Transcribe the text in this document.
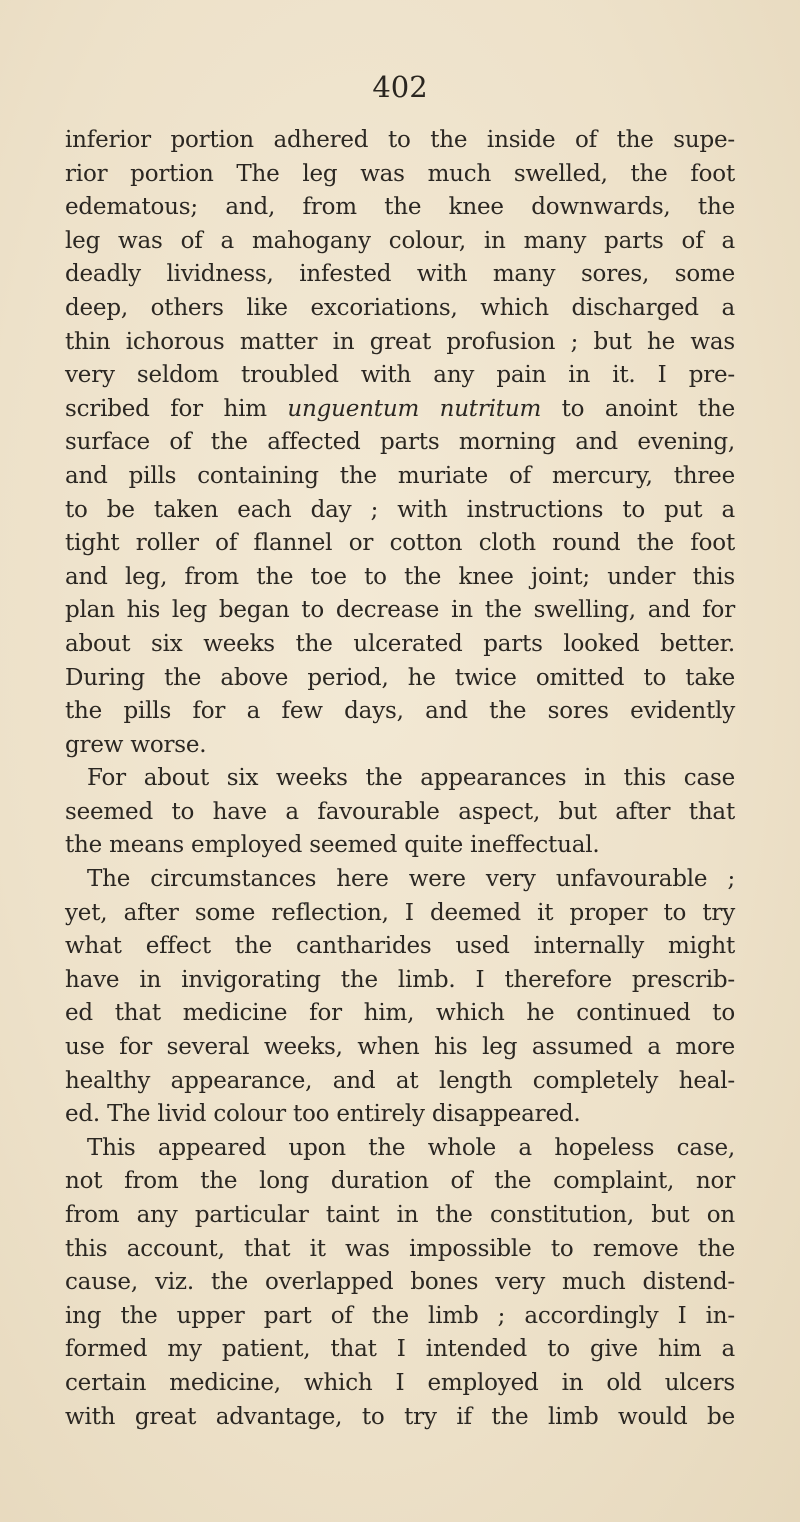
402
inferior portion adhered to the inside of the supe-
rior portion The leg was much swelled, the foot
edematous; and, from the knee downwards, the
leg was of a mahogany colour, in many parts of a
deadly lividness, infested with many sores, some
deep, others like excoriations, which discharged a
thin ichorous matter in great profusion ; but he was
very seldom troubled with any pain in it. I pre-
scribed for him unguentum nutritum to anoint the
surface of the affected parts morning and evening,
and pills containing the muriate of mercury, three
to be taken each day ; with instructions to put a
tight roller of flannel or cotton cloth round the foot
and leg, from the toe to the knee joint; under this
plan his leg began to decrease in the swelling, and for
about six weeks the ulcerated parts looked better.
During the above period, he twice omitted to take
the pills for a few days, and the sores evidently
grew worse.
For about six weeks the appearances in this case
seemed to have a favourable aspect, but after that
the means employed seemed quite ineffectual.
The circumstances here were very unfavourable ;
yet, after some reflection, I deemed it proper to try
what effect the cantharides used internally might
have in invigorating the limb. I therefore prescrib-
ed that medicine for him, which he continued to
use for several weeks, when his leg assumed a more
healthy appearance, and at length completely heal-
ed. The livid colour too entirely disappeared.
This appeared upon the whole a hopeless case,
not from the long duration of the complaint, nor
from any particular taint in the constitution, but on
this account, that it was impossible to remove the
cause, viz. the overlapped bones very much distend-
ing the upper part of the limb ; accordingly I in-
formed my patient, that I intended to give him a
certain medicine, which I employed in old ulcers
with great advantage, to try if the limb would be
